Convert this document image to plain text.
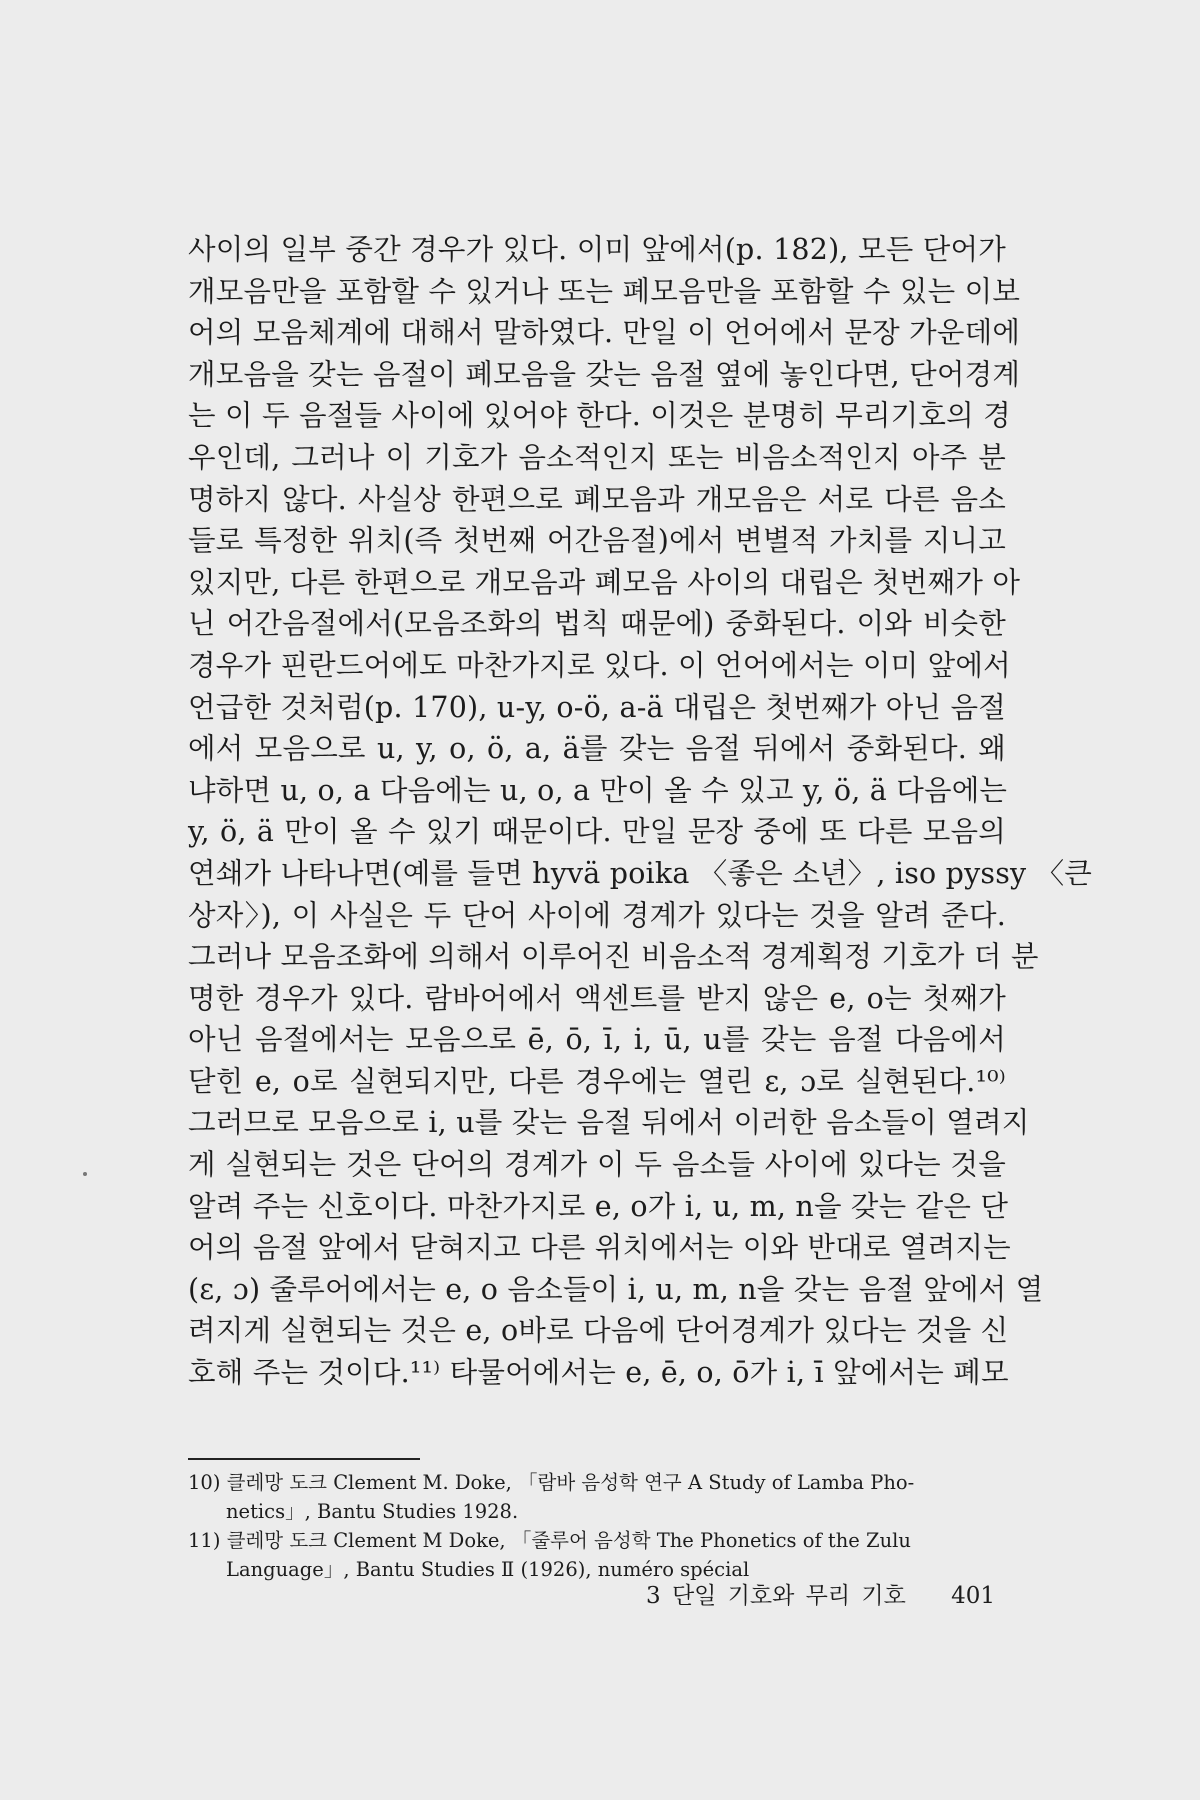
사이의 일부 중간 경우가 있다. 이미 앞에서(p. 182), 모든 단어가
개모음만을 포함할 수 있거나 또는 폐모음만을 포함할 수 있는 이보
어의 모음체계에 대해서 말하였다. 만일 이 언어에서 문장 가운데에
개모음을 갖는 음절이 폐모음을 갖는 음절 옆에 놓인다면, 단어경계
는 이 두 음절들 사이에 있어야 한다. 이것은 분명히 무리기호의 경
우인데, 그러나 이 기호가 음소적인지 또는 비음소적인지 아주 분
명하지 않다. 사실상 한편으로 폐모음과 개모음은 서로 다른 음소
들로 특정한 위치(즉 첫번째 어간음절)에서 변별적 가치를 지니고
있지만, 다른 한편으로 개모음과 폐모음 사이의 대립은 첫번째가 아
닌 어간음절에서(모음조화의 법칙 때문에) 중화된다. 이와 비슷한
경우가 핀란드어에도 마찬가지로 있다. 이 언어에서는 이미 앞에서
언급한 것처럼(p. 170), u-y, o-ö, a-ä 대립은 첫번째가 아닌 음절
에서 모음으로 u, y, o, ö, a, ä를 갖는 음절 뒤에서 중화된다. 왜
냐하면 u, o, a 다음에는 u, o, a 만이 올 수 있고 y, ö, ä 다음에는
y, ö, ä 만이 올 수 있기 때문이다. 만일 문장 중에 또 다른 모음의
연쇄가 나타나면(예를 들면 hyvä poika 〈좋은 소년〉, iso pyssy 〈큰
상자〉), 이 사실은 두 단어 사이에 경계가 있다는 것을 알려 준다.
그러나 모음조화에 의해서 이루어진 비음소적 경계획정 기호가 더 분
명한 경우가 있다. 람바어에서 액센트를 받지 않은 e, o는 첫째가
아닌 음절에서는 모음으로 ē, ō, ī, i, ū, u를 갖는 음절 다음에서
닫힌 e, o로 실현되지만, 다른 경우에는 열린 ɛ, ɔ로 실현된다.¹⁰⁾
그러므로 모음으로 i, u를 갖는 음절 뒤에서 이러한 음소들이 열려지
게 실현되는 것은 단어의 경계가 이 두 음소들 사이에 있다는 것을
알려 주는 신호이다. 마찬가지로 e, o가 i, u, m, n을 갖는 같은 단
어의 음절 앞에서 닫혀지고 다른 위치에서는 이와 반대로 열려지는
(ɛ, ɔ) 줄루어에서는 e, o 음소들이 i, u, m, n을 갖는 음절 앞에서 열
려지게 실현되는 것은 e, o바로 다음에 단어경계가 있다는 것을 신
호해 주는 것이다.¹¹⁾ 타물어에서는 e, ē, o, ō가 i, ī 앞에서는 폐모
10) 클레망 도크 Clement M. Doke, 「람바 음성학 연구 A Study of Lamba Pho-
netics」, Bantu Studies 1928.
11) 클레망 도크 Clement M Doke, 「줄루어 음성학 The Phonetics of the Zulu
Language」, Bantu Studies Ⅱ (1926), numéro spécial
3 단일 기호와 무리 기호 401
